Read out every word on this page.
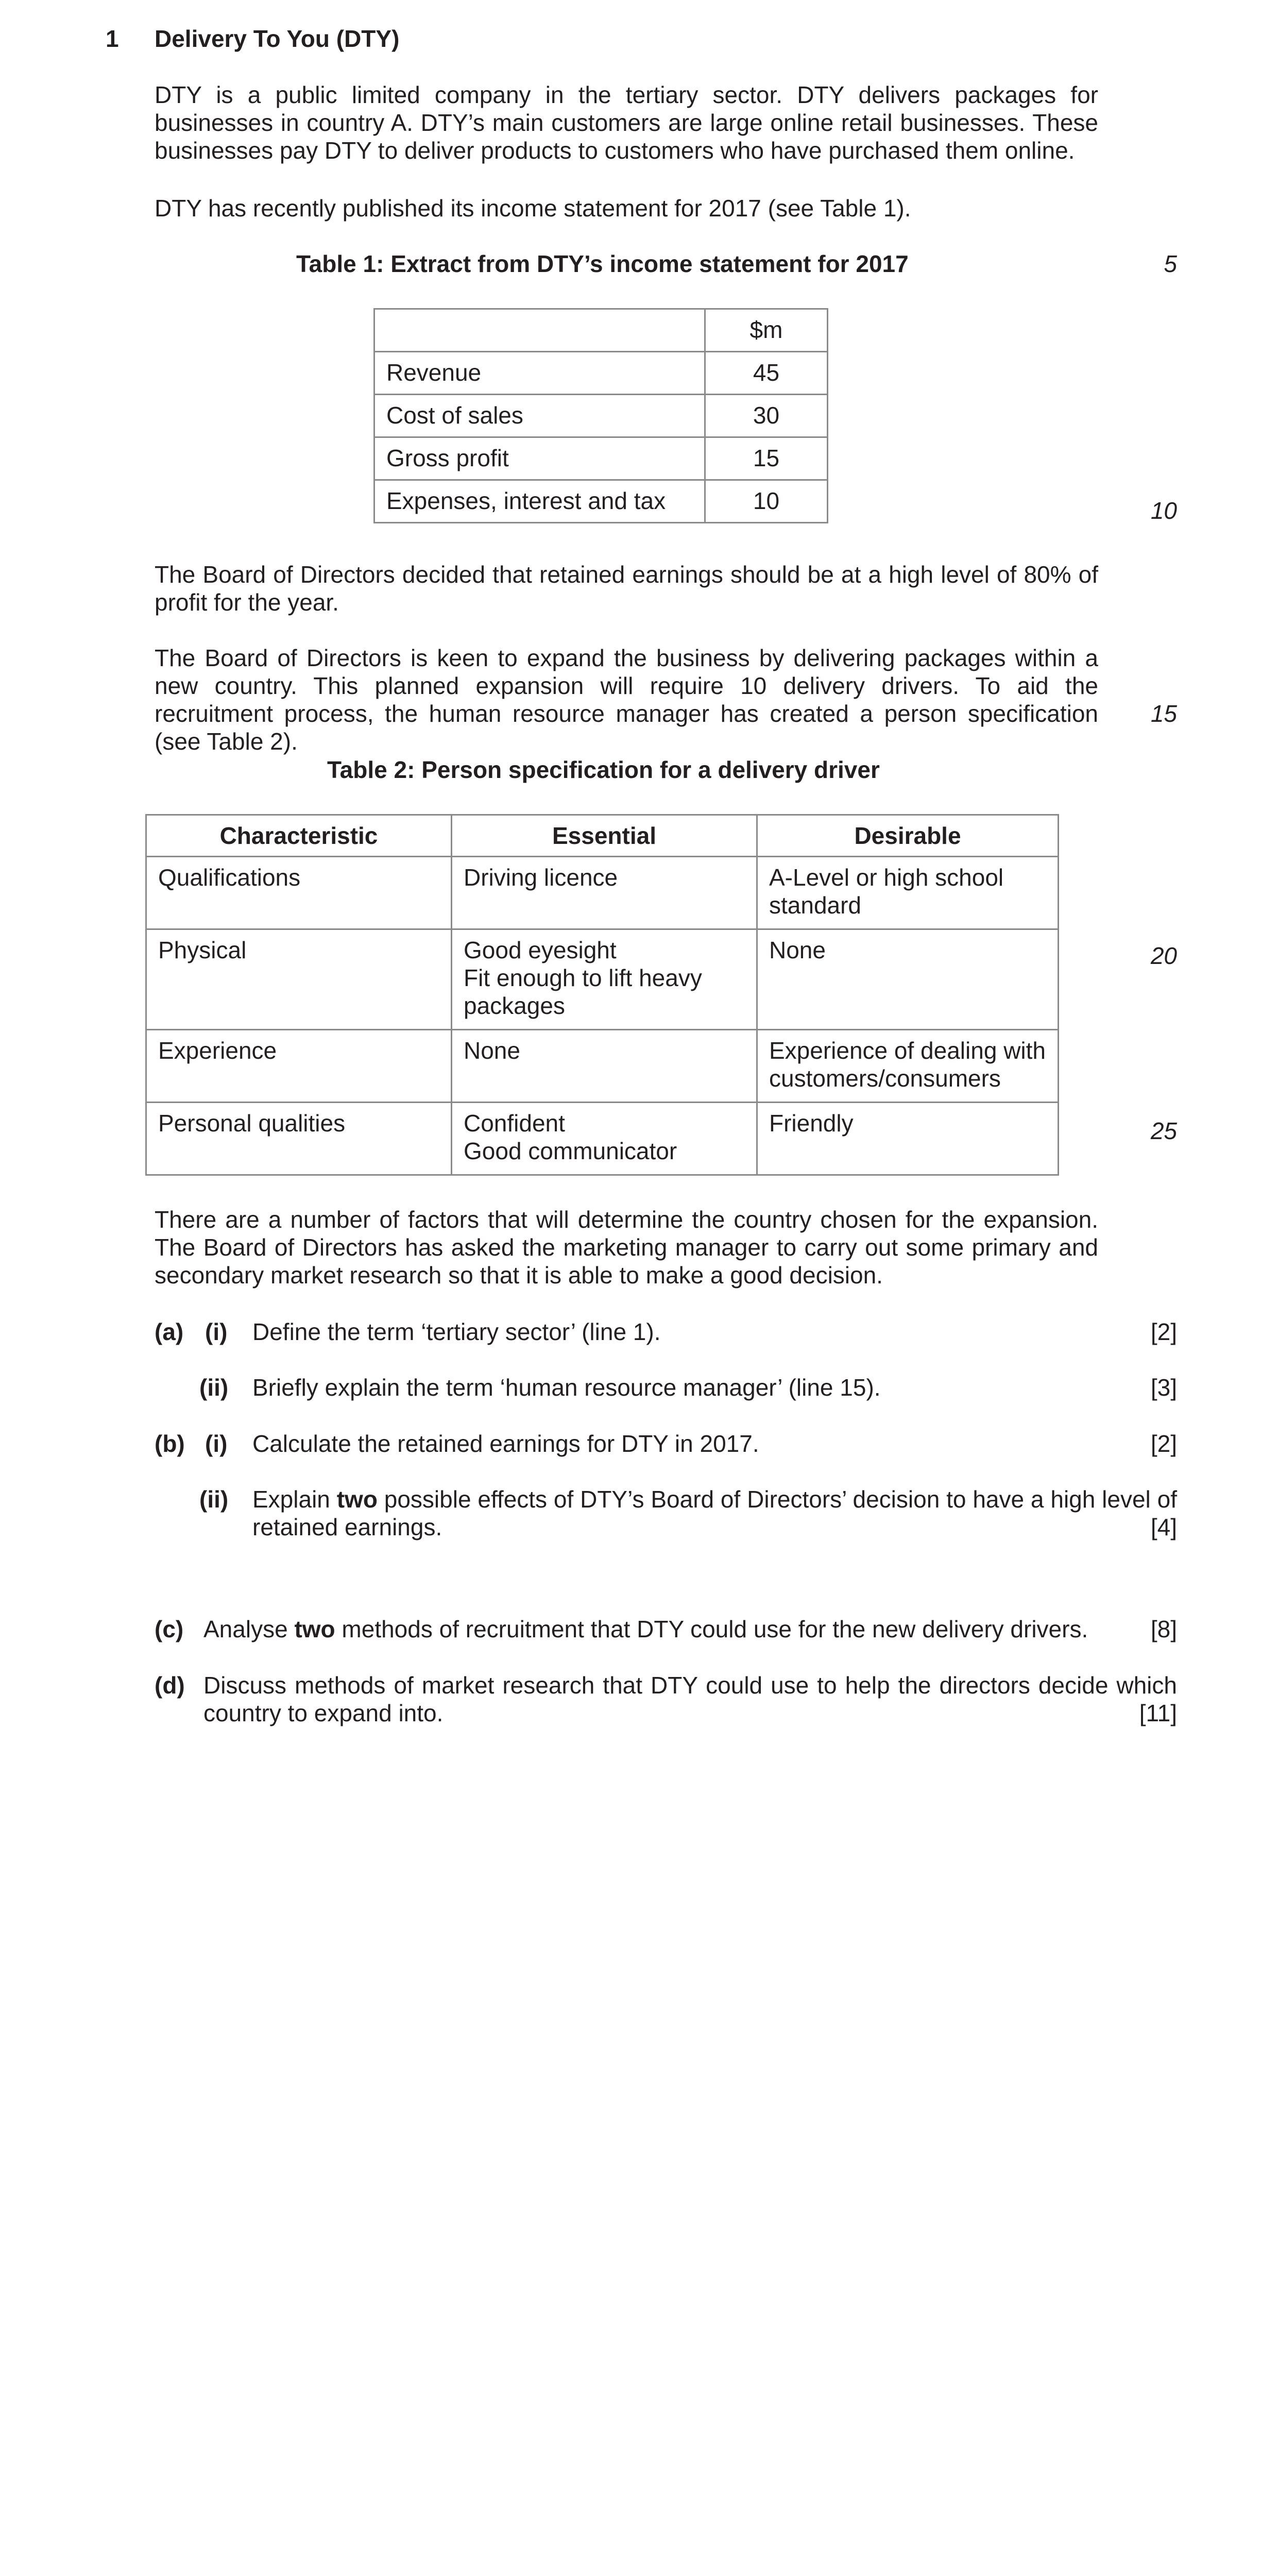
1 Delivery To You (DTY)
DTY is a public limited company in the tertiary sector. DTY delivers packages for businesses in country A. DTY’s main customers are large online retail businesses. These businesses pay DTY to deliver products to customers who have purchased them online.
DTY has recently published its income statement for 2017 (see Table 1).
Table 1: Extract from DTY’s income statement for 2017	5
	$m
Revenue	45
Cost of sales	30
Gross profit	15
Expenses, interest and tax	10	10
The Board of Directors decided that retained earnings should be at a high level of 80% of profit for the year.
The Board of Directors is keen to expand the business by delivering packages within a new country. This planned expansion will require 10 delivery drivers. To aid the recruitment process, the human resource manager has created a person specification (see Table 2).
15
Table 2: Person specification for a delivery driver
Characteristic	Essential	Desirable

Qualifications	Driving licence	A-Level or high school
standard

Physical	Good eyesight
Fit enough to lift heavy
packages	None

Experience	None	Experience of dealing with
customers/consumers

Personal qualities	Confident
Good communicator	Friendly
20
25
There are a number of factors that will determine the country chosen for the expansion. The Board of Directors has asked the marketing manager to carry out some primary and secondary market research so that it is able to make a good decision.
(a) (i) Define the term ‘tertiary sector’ (line 1).	[2]
(ii) Briefly explain the term ‘human resource manager’ (line 15).	[3]
(b) (i) Calculate the retained earnings for DTY in 2017.	[2]
(ii) Explain two possible effects of DTY’s Board of Directors’ decision to have a high level of retained earnings.	[4]
(c) Analyse two methods of recruitment that DTY could use for the new delivery drivers.	[8]
(d) Discuss methods of market research that DTY could use to help the directors decide which country to expand into.	[11]
